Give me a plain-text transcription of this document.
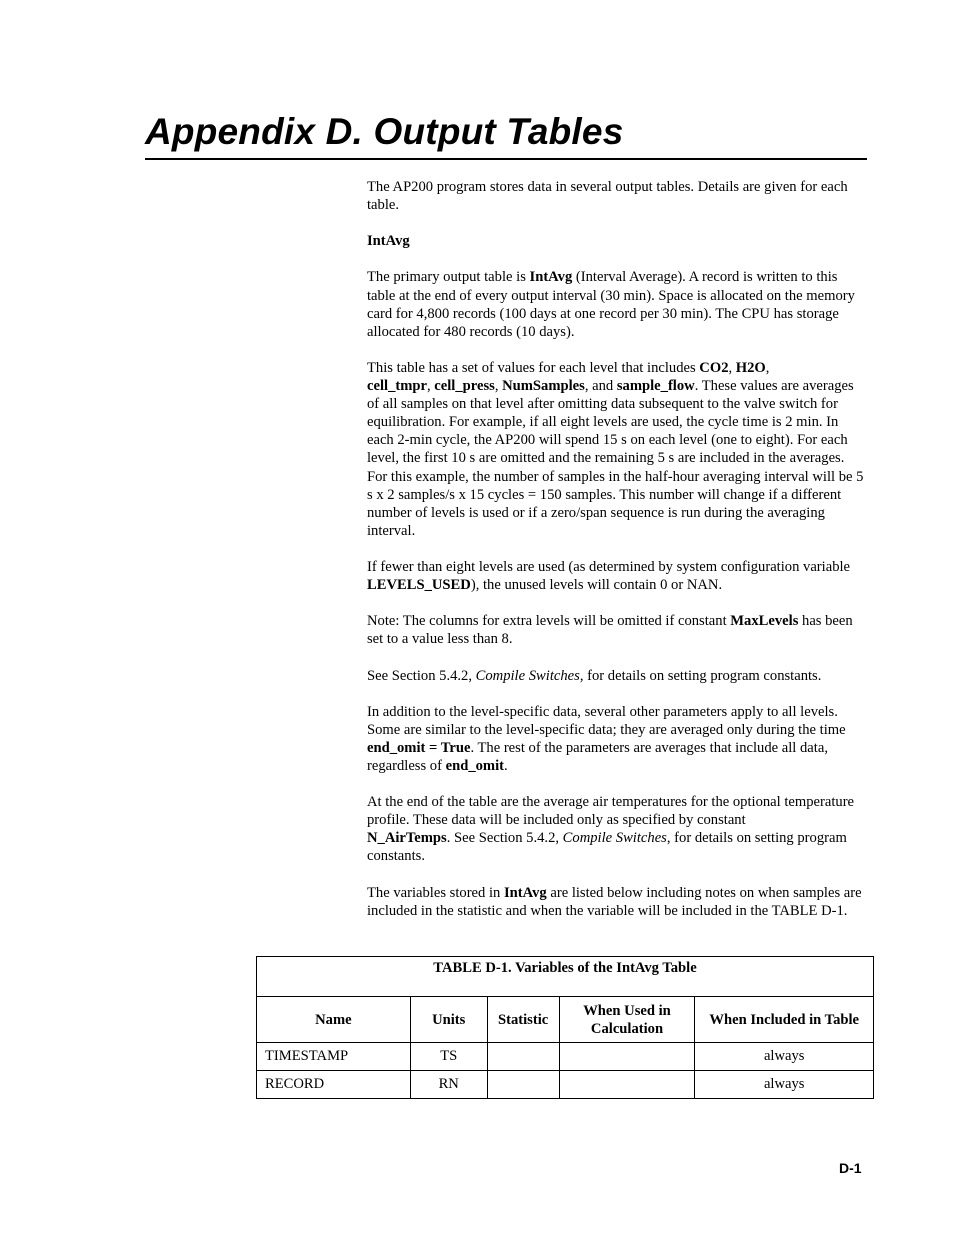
Appendix D. Output Tables

The AP200 program stores data in several output tables. Details are given for each table.

IntAvg

The primary output table is IntAvg (Interval Average). A record is written to this table at the end of every output interval (30 min). Space is allocated on the memory card for 4,800 records (100 days at one record per 30 min). The CPU has storage allocated for 480 records (10 days).

This table has a set of values for each level that includes CO2, H2O,
cell_tmpr, cell_press, NumSamples, and sample_flow. These values are averages of all samples on that level after omitting data subsequent to the valve switch for equilibration. For example, if all eight levels are used, the cycle time is 2 min. In each 2-min cycle, the AP200 will spend 15 s on each level (one to eight). For each level, the first 10 s are omitted and the remaining 5 s are included in the averages. For this example, the number of samples in the half-hour averaging interval will be 5 s x 2 samples/s x 15 cycles = 150 samples. This number will change if a different number of levels is used or if a zero/span sequence is run during the averaging interval.

If fewer than eight levels are used (as determined by system configuration variable LEVELS_USED), the unused levels will contain 0 or NAN.

Note: The columns for extra levels will be omitted if constant MaxLevels has been set to a value less than 8.

See Section 5.4.2, Compile Switches, for details on setting program constants.

In addition to the level-specific data, several other parameters apply to all levels. Some are similar to the level-specific data; they are averaged only during the time end_omit = True. The rest of the parameters are averages that include all data, regardless of end_omit.

At the end of the table are the average air temperatures for the optional temperature profile. These data will be included only as specified by constant
N_AirTemps. See Section 5.4.2, Compile Switches, for details on setting program constants.

The variables stored in IntAvg are listed below including notes on when samples are included in the statistic and when the variable will be included in the TABLE D-1.

TABLE D-1. Variables of the IntAvg Table				
Name	Units	Statistic	When Used in Calculation	When Included in Table
TIMESTAMP	TS			always
RECORD	RN			always
D-1
